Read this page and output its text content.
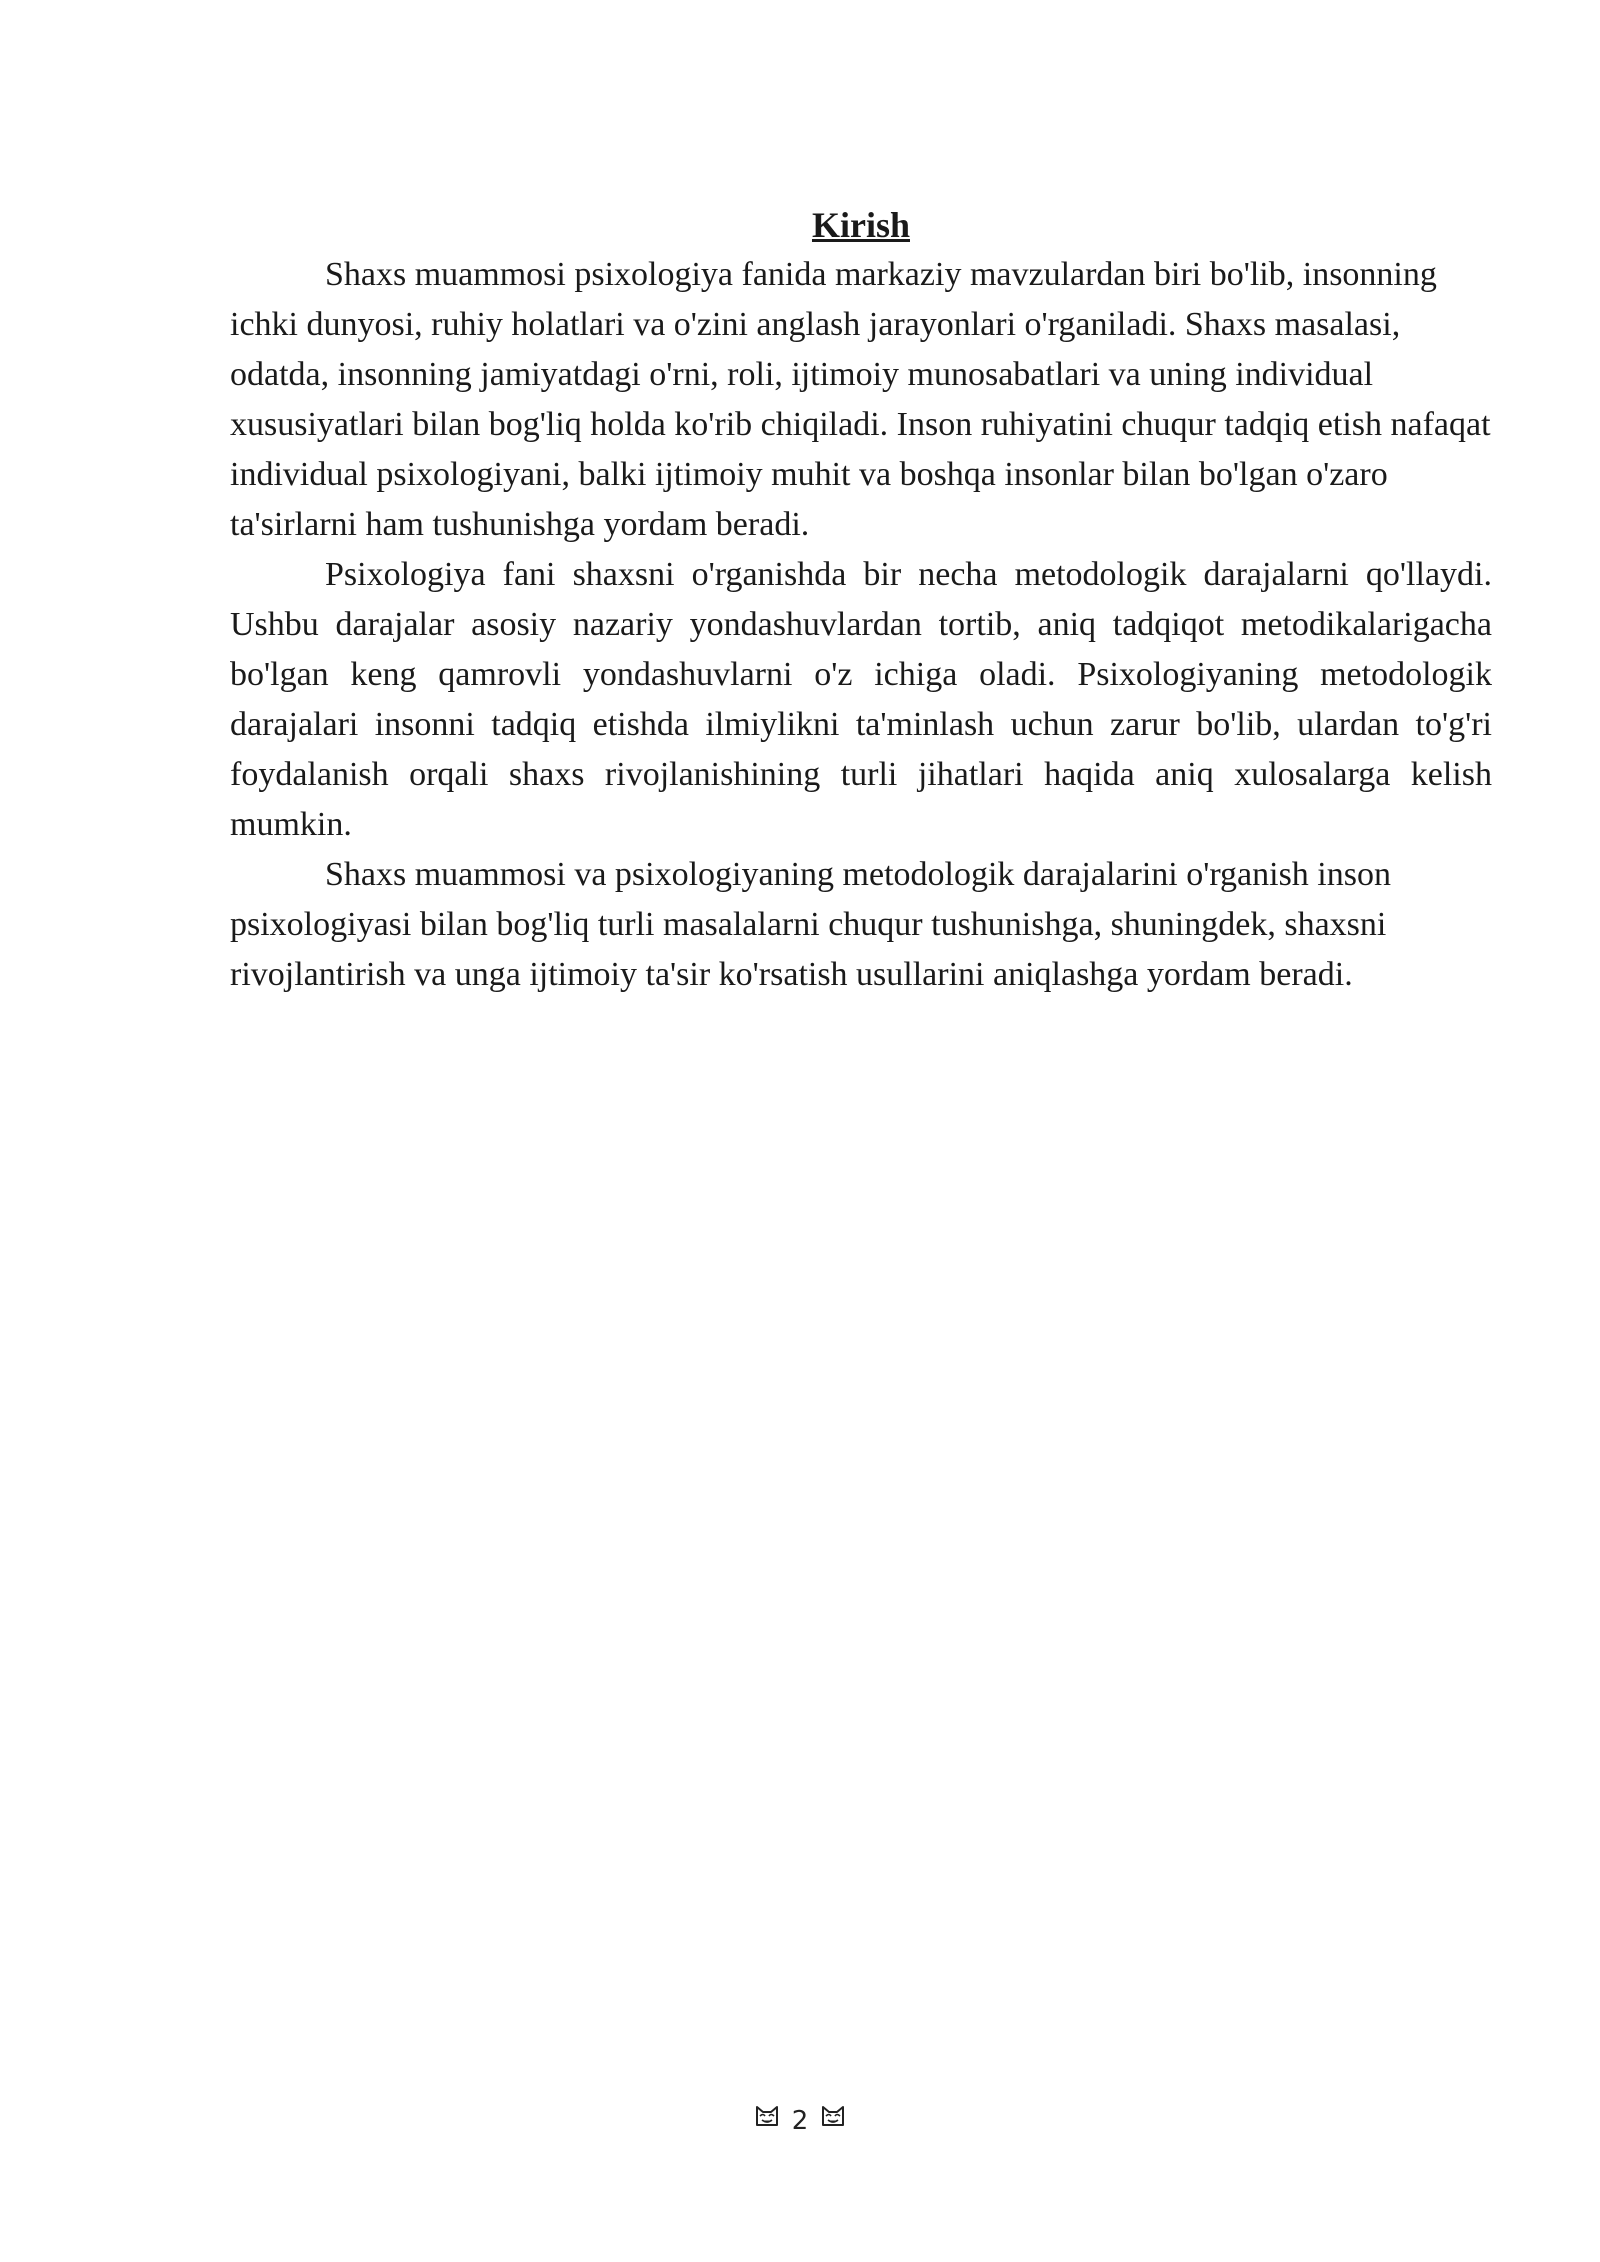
Kirish

Shaxs muammosi psixologiya fanida markaziy mavzulardan biri bo'lib, insonning ichki dunyosi, ruhiy holatlari va o'zini anglash jarayonlari o'rganiladi. Shaxs masalasi, odatda, insonning jamiyatdagi o'rni, roli, ijtimoiy munosabatlari va uning individual xususiyatlari bilan bog'liq holda ko'rib chiqiladi. Inson ruhiyatini chuqur tadqiq etish nafaqat individual psixologiyani, balki ijtimoiy muhit va boshqa insonlar bilan bo'lgan o'zaro ta'sirlarni ham tushunishga yordam beradi.

Psixologiya fani shaxsni o'rganishda bir necha metodologik darajalarni qo'llaydi. Ushbu darajalar asosiy nazariy yondashuvlardan tortib, aniq tadqiqot metodikalarigacha bo'lgan keng qamrovli yondashuvlarni o'z ichiga oladi. Psixologiyaning metodologik darajalari insonni tadqiq etishda ilmiylikni ta'minlash uchun zarur bo'lib, ulardan to'g'ri foydalanish orqali shaxs rivojlanishining turli jihatlari haqida aniq xulosalarga kelish mumkin.

Shaxs muammosi va psixologiyaning metodologik darajalarini o'rganish inson psixologiyasi bilan bog'liq turli masalalarni chuqur tushunishga, shuningdek, shaxsni rivojlantirish va unga ijtimoiy ta'sir ko'rsatish usullarini aniqlashga yordam beradi.

2
